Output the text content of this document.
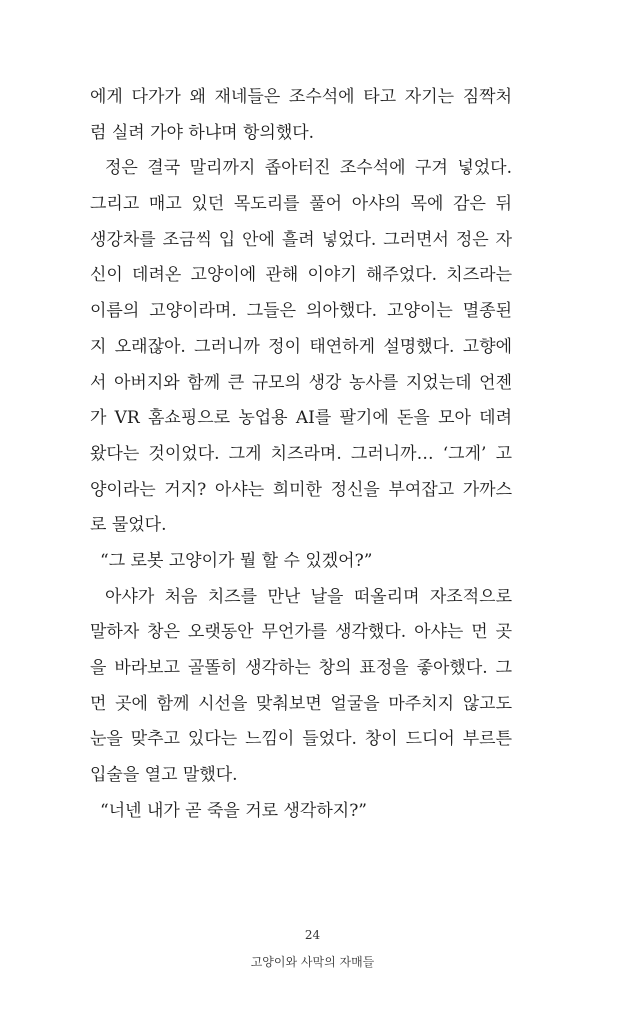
에게 다가가 왜 재네들은 조수석에 타고 자기는 짐짝처
럼 실려 가야 하냐며 항의했다.
정은 결국 말리까지 좁아터진 조수석에 구겨 넣었다.
그리고 매고 있던 목도리를 풀어 아샤의 목에 감은 뒤
생강차를 조금씩 입 안에 흘려 넣었다. 그러면서 정은 자
신이 데려온 고양이에 관해 이야기 해주었다. 치즈라는
이름의 고양이라며. 그들은 의아했다. 고양이는 멸종된
지 오래잖아. 그러니까 정이 태연하게 설명했다. 고향에
서 아버지와 함께 큰 규모의 생강 농사를 지었는데 언젠
가 VR 홈쇼핑으로 농업용 AI를 팔기에 돈을 모아 데려
왔다는 것이었다. 그게 치즈라며. 그러니까… ‘그게’ 고
양이라는 거지? 아샤는 희미한 정신을 부여잡고 가까스
로 물었다.
“그 로봇 고양이가 뭘 할 수 있겠어?”
아샤가 처음 치즈를 만난 날을 떠올리며 자조적으로
말하자 창은 오랫동안 무언가를 생각했다. 아샤는 먼 곳
을 바라보고 골똘히 생각하는 창의 표정을 좋아했다. 그
먼 곳에 함께 시선을 맞춰보면 얼굴을 마주치지 않고도
눈을 맞추고 있다는 느낌이 들었다. 창이 드디어 부르튼
입술을 열고 말했다.
“너넨 내가 곧 죽을 거로 생각하지?”
24
고양이와 사막의 자매들
